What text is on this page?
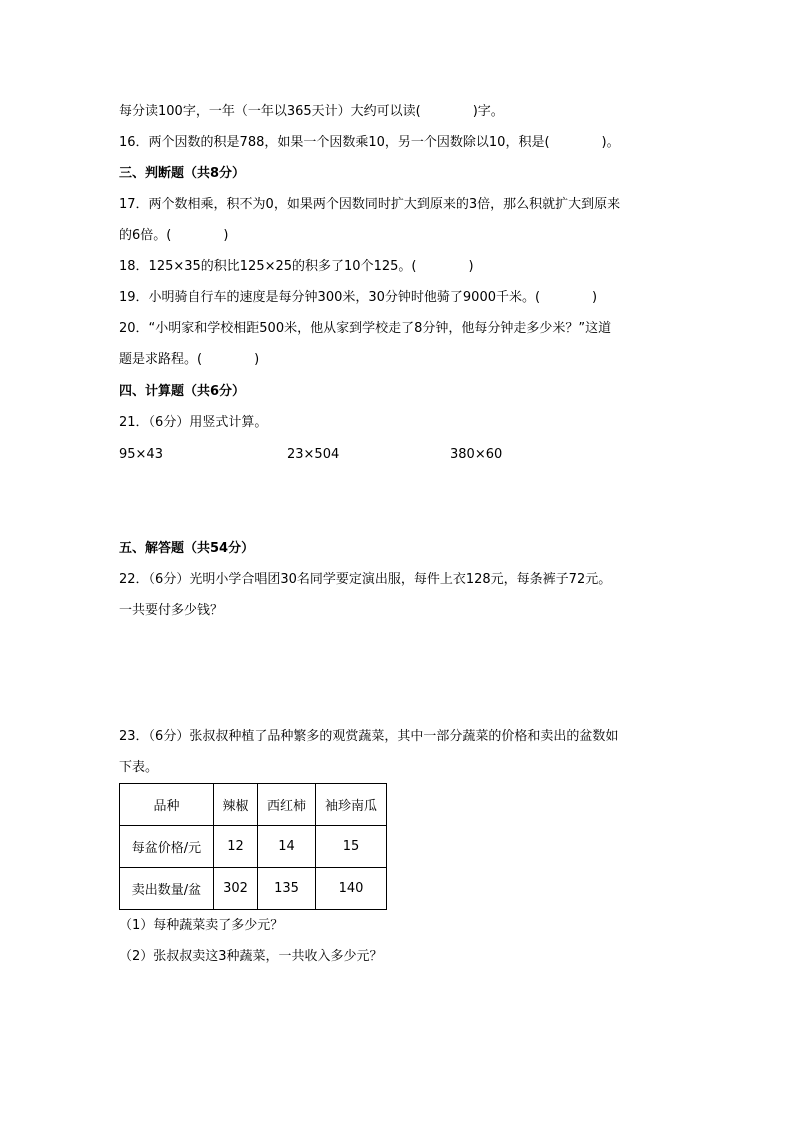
每分读100字，一年（一年以365天计）大约可以读(　　　　)字。
16．两个因数的积是788，如果一个因数乘10，另一个因数除以10，积是(　　　　)。
三、判断题（共8分）
17．两个数相乘，积不为0，如果两个因数同时扩大到原来的3倍，那么积就扩大到原来
的6倍。(　　　　)
18．125×35的积比125×25的积多了10个125。(　　　　)
19．小明骑自行车的速度是每分钟300米，30分钟时他骑了9000千米。(　　　　)
20．“小明家和学校相距500米，他从家到学校走了8分钟，他每分钟走多少米？”这道
题是求路程。(　　　　)
四、计算题（共6分）
21．（6分）用竖式计算。
95×43	23×504	380×60
五、解答题（共54分）
22．（6分）光明小学合唱团30名同学要定演出服，每件上衣128元，每条裤子72元。
一共要付多少钱？
23．（6分）张叔叔种植了品种繁多的观赏蔬菜，其中一部分蔬菜的价格和卖出的盆数如
下表。
品种	辣椒	西红柿	袖珍南瓜
每盆价格/元	12	14	15
卖出数量/盆	302	135	140
（1）每种蔬菜卖了多少元？
（2）张叔叔卖这3种蔬菜，一共收入多少元？
